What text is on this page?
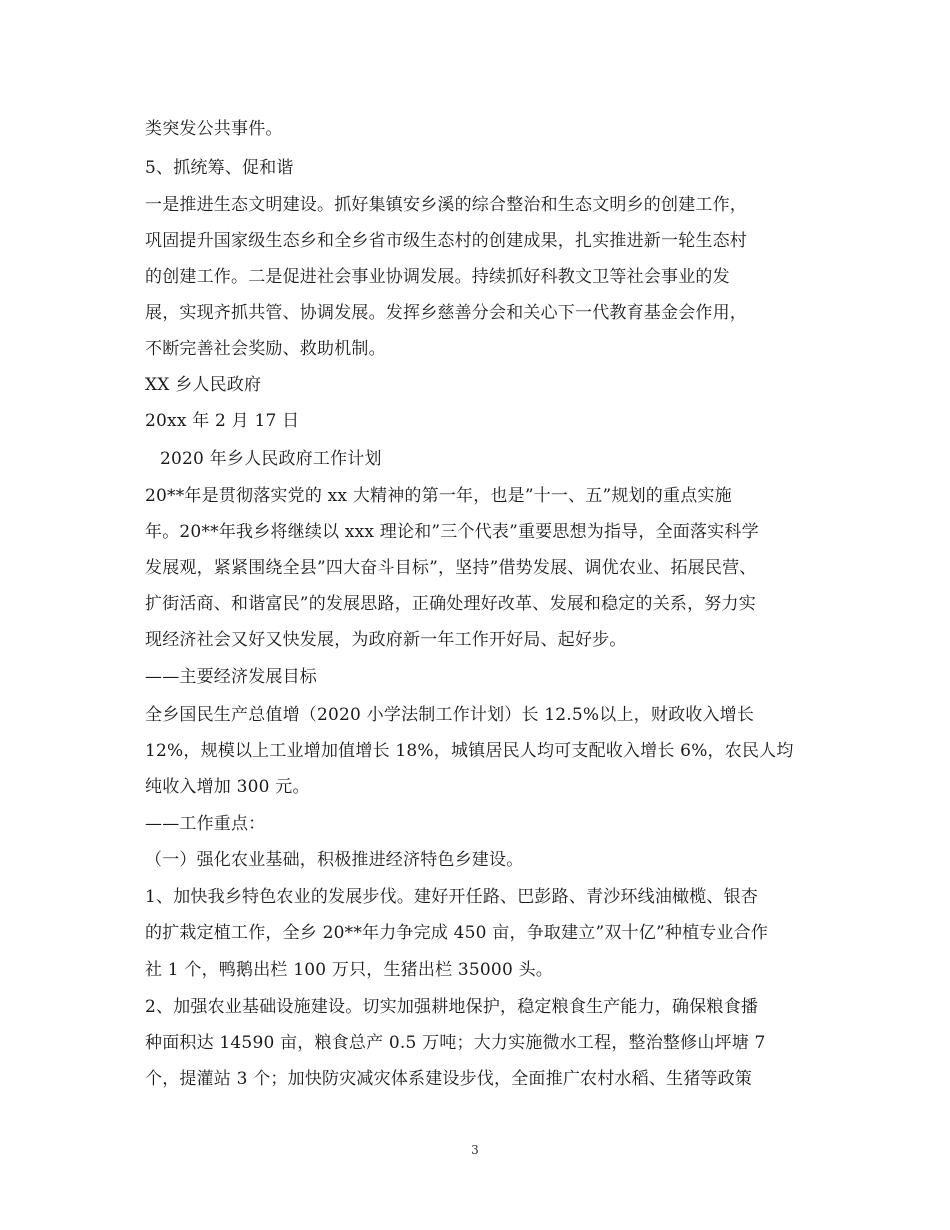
类突发公共事件。
5、抓统筹、促和谐
一是推进生态文明建设。抓好集镇安乡溪的综合整治和生态文明乡的创建工作，
巩固提升国家级生态乡和全乡省市级生态村的创建成果，扎实推进新一轮生态村
的创建工作。二是促进社会事业协调发展。持续抓好科教文卫等社会事业的发
展，实现齐抓共管、协调发展。发挥乡慈善分会和关心下一代教育基金会作用，
不断完善社会奖励、救助机制。
XX 乡人民政府
20xx 年 2 月 17 日
2020 年乡人民政府工作计划
20**年是贯彻落实党的 xx 大精神的第一年，也是”十一、五”规划的重点实施
年。20**年我乡将继续以 xxx 理论和”三个代表”重要思想为指导，全面落实科学
发展观，紧紧围绕全县”四大奋斗目标”，坚持”借势发展、调优农业、拓展民营、
扩街活商、和谐富民”的发展思路，正确处理好改革、发展和稳定的关系，努力实
现经济社会又好又快发展，为政府新一年工作开好局、起好步。
——主要经济发展目标
全乡国民生产总值增（2020 小学法制工作计划）长 12.5%以上，财政收入增长
12%，规模以上工业增加值增长 18%，城镇居民人均可支配收入增长 6%，农民人均
纯收入增加 300 元。
——工作重点：
（一）强化农业基础，积极推进经济特色乡建设。
1、加快我乡特色农业的发展步伐。建好开任路、巴彭路、青沙环线油橄榄、银杏
的扩栽定植工作，全乡 20**年力争完成 450 亩，争取建立”双十亿”种植专业合作
社 1 个，鸭鹅出栏 100 万只，生猪出栏 35000 头。
2、加强农业基础设施建设。切实加强耕地保护，稳定粮食生产能力，确保粮食播
种面积达 14590 亩，粮食总产 0.5 万吨；大力实施微水工程，整治整修山坪塘 7
个，提灌站 3 个；加快防灾减灾体系建设步伐，全面推广农村水稻、生猪等政策
3
